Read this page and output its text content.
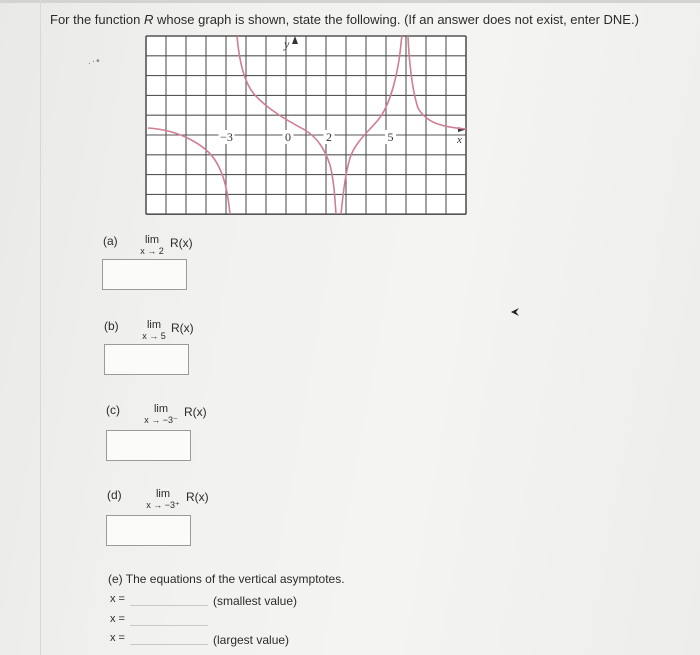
For the function R whose graph is shown, state the following. (If an answer does not exist, enter DNE.)
.·•
−3	0	2	5
y
x
(a)	lim
x → 2
R(x)
(b)	lim
x → 5
R(x)
(c)	lim
x → −3⁻
R(x)
(d)	lim
x → −3⁺
R(x)
(e) The equations of the vertical asymptotes.
x =	(smallest value)
x =
x =	(largest value)
